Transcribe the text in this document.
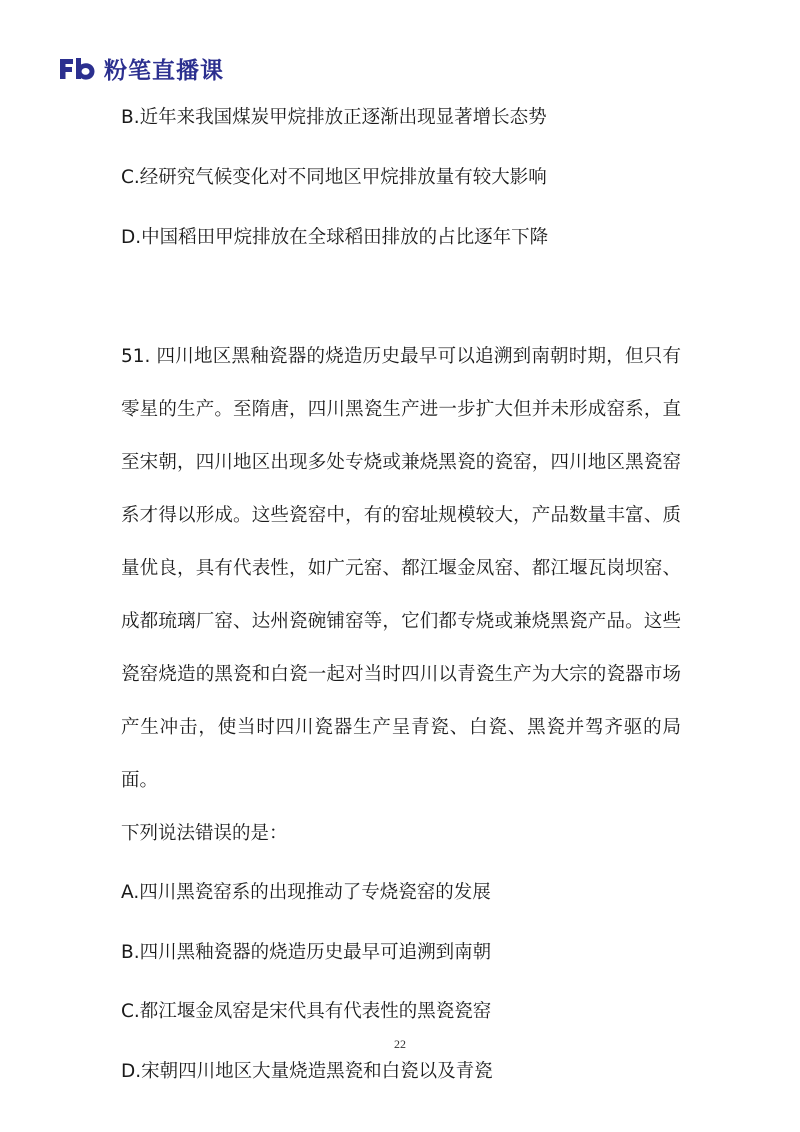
粉笔直播课
B.近年来我国煤炭甲烷排放正逐渐出现显著增长态势
C.经研究气候变化对不同地区甲烷排放量有较大影响
D.中国稻田甲烷排放在全球稻田排放的占比逐年下降
51. 四川地区黑釉瓷器的烧造历史最早可以追溯到南朝时期，但只有
零星的生产。至隋唐，四川黑瓷生产进一步扩大但并未形成窑系，直
至宋朝，四川地区出现多处专烧或兼烧黑瓷的瓷窑，四川地区黑瓷窑
系才得以形成。这些瓷窑中，有的窑址规模较大，产品数量丰富、质
量优良，具有代表性，如广元窑、都江堰金凤窑、都江堰瓦岗坝窑、
成都琉璃厂窑、达州瓷碗铺窑等，它们都专烧或兼烧黑瓷产品。这些
瓷窑烧造的黑瓷和白瓷一起对当时四川以青瓷生产为大宗的瓷器市场
产生冲击，使当时四川瓷器生产呈青瓷、白瓷、黑瓷并驾齐驱的局
面。
下列说法错误的是：
A.四川黑瓷窑系的出现推动了专烧瓷窑的发展
B.四川黑釉瓷器的烧造历史最早可追溯到南朝
C.都江堰金凤窑是宋代具有代表性的黑瓷瓷窑
D.宋朝四川地区大量烧造黑瓷和白瓷以及青瓷
22
